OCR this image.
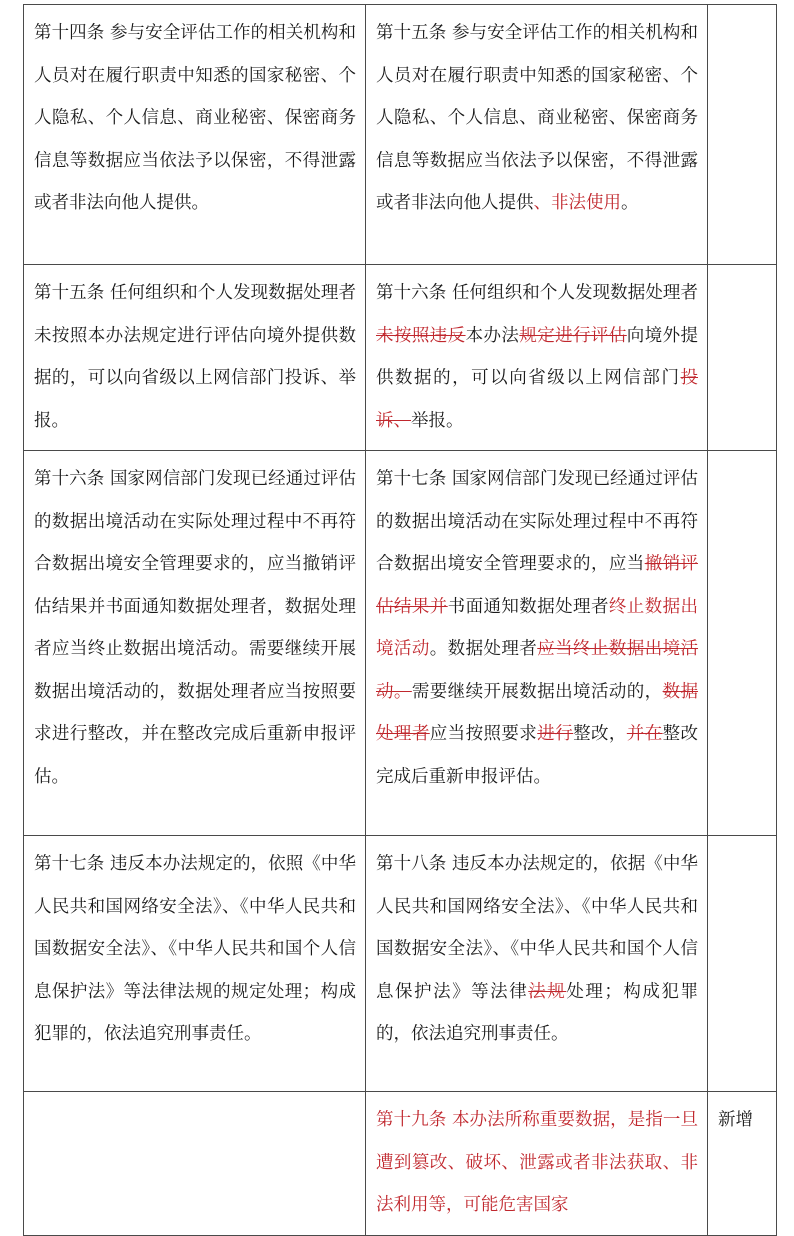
第十四条 参与安全评估工作的相关机构和人员对在履行职责中知悉的国家秘密、个人隐私、个人信息、商业秘密、保密商务信息等数据应当依法予以保密，不得泄露或者非法向他人提供。	第十五条 参与安全评估工作的相关机构和人员对在履行职责中知悉的国家秘密、个人隐私、个人信息、商业秘密、保密商务信息等数据应当依法予以保密，不得泄露或者非法向他人提供、非法使用。	
第十五条 任何组织和个人发现数据处理者未按照本办法规定进行评估向境外提供数据的，可以向省级以上网信部门投诉、举报。	第十六条 任何组织和个人发现数据处理者未按照违反本办法规定进行评估向境外提供数据的，可以向省级以上网信部门投诉、举报。	
第十六条 国家网信部门发现已经通过评估的数据出境活动在实际处理过程中不再符合数据出境安全管理要求的，应当撤销评估结果并书面通知数据处理者，数据处理者应当终止数据出境活动。需要继续开展数据出境活动的，数据处理者应当按照要求进行整改，并在整改完成后重新申报评估。	第十七条 国家网信部门发现已经通过评估的数据出境活动在实际处理过程中不再符合数据出境安全管理要求的，应当撤销评估结果并书面通知数据处理者终止数据出境活动。数据处理者应当终止数据出境活动。需要继续开展数据出境活动的，数据处理者应当按照要求进行整改，并在整改完成后重新申报评估。	
第十七条 违反本办法规定的，依照《中华人民共和国网络安全法》、《中华人民共和国数据安全法》、《中华人民共和国个人信息保护法》等法律法规的规定处理；构成犯罪的，依法追究刑事责任。	第十八条 违反本办法规定的，依据《中华人民共和国网络安全法》、《中华人民共和国数据安全法》、《中华人民共和国个人信息保护法》等法律法规处理；构成犯罪的，依法追究刑事责任。	
	第十九条 本办法所称重要数据，是指一旦遭到篡改、破坏、泄露或者非法获取、非法利用等，可能危害国家	新增
